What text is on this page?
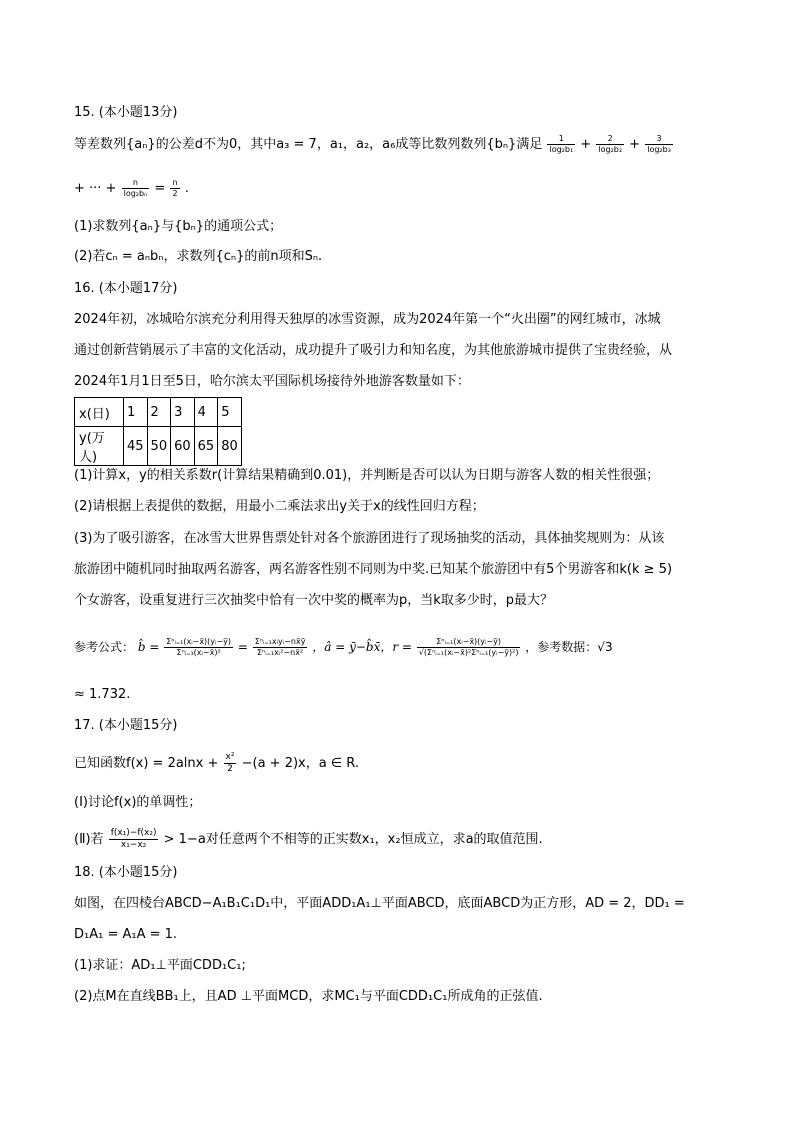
15. (本小题13分)
等差数列{aₙ}的公差d不为0，其中a₃ = 7，a₁，a₂，a₆成等比数列数列{bₙ}满足 $\frac{1}{\text{log₂b₁}} + \frac{2}{\text{log₂b₂}} + \frac{3}{\text{log₂b₃}}$
+ ··· + $\frac{n}{\text{log₂bₙ}} = \frac{n}{2}$ .
(1)求数列{aₙ}与{bₙ}的通项公式；
(2)若cₙ = aₙbₙ，求数列{cₙ}的前n项和Sₙ.
16. (本小题17分)
2024年初，冰城哈尔滨充分利用得天独厚的冰雪资源，成为2024年第一个“火出圈”的网红城市，冰城
通过创新营销展示了丰富的文化活动，成功提升了吸引力和知名度，为其他旅游城市提供了宝贵经验，从
2024年1月1日至5日，哈尔滨太平国际机场接待外地游客数量如下：
x(日)	1	2	3	4	5
y(万人)	45	50	60	65	80
(1)计算x，y的相关系数r(计算结果精确到0.01)，并判断是否可以认为日期与游客人数的相关性很强；
(2)请根据上表提供的数据，用最小二乘法求出y关于x的线性回归方程；
(3)为了吸引游客，在冰雪大世界售票处针对各个旅游团进行了现场抽奖的活动，具体抽奖规则为：从该
旅游团中随机同时抽取两名游客，两名游客性别不同则为中奖.已知某个旅游团中有5个男游客和k(k ≥ 5)
个女游客，设重复进行三次抽奖中恰有一次中奖的概率为p，当k取多少时，p最大？
参考公式： b̂ = $\frac{\text{Σⁿᵢ₌₁(xᵢ−x̄)(yᵢ−ȳ)}}{\text{Σⁿᵢ₌₁(xᵢ−x̄)²}} = \frac{\text{Σⁿᵢ₌₁xᵢyᵢ−nx̄ȳ}}{\text{Σⁿᵢ₌₁xᵢ²−nx̄²}}$ ，â = ȳ−b̂x̄，$r = \frac{\text{Σⁿᵢ₌₁(xᵢ−x̄)(yᵢ−ȳ)}}{\text{√(Σⁿᵢ₌₁(xᵢ−x̄)²Σⁿᵢ₌₁(yᵢ−ȳ)²)}}$ ，参考数据：√3
≈ 1.732.
17. (本小题15分)
已知函数$f(x) = 2alnx + \frac{\text{x²}}{2} -(a + 2)x$，a ∈ R.
(Ⅰ)讨论f(x)的单调性；
(Ⅱ)若 $\frac{\text{f(x₁)−f(x₂)}}{\text{x₁−x₂}} > 1-a$对任意两个不相等的正实数x₁，x₂恒成立，求a的取值范围.
18. (本小题15分)
如图，在四棱台ABCD−A₁B₁C₁D₁中，平面ADD₁A₁⊥平面ABCD，底面ABCD为正方形，AD = 2，DD₁ =
D₁A₁ = A₁A = 1.
(1)求证：AD₁⊥平面CDD₁C₁;
(2)点M在直线BB₁上，且AD ⊥平面MCD，求MC₁与平面CDD₁C₁所成角的正弦值.
